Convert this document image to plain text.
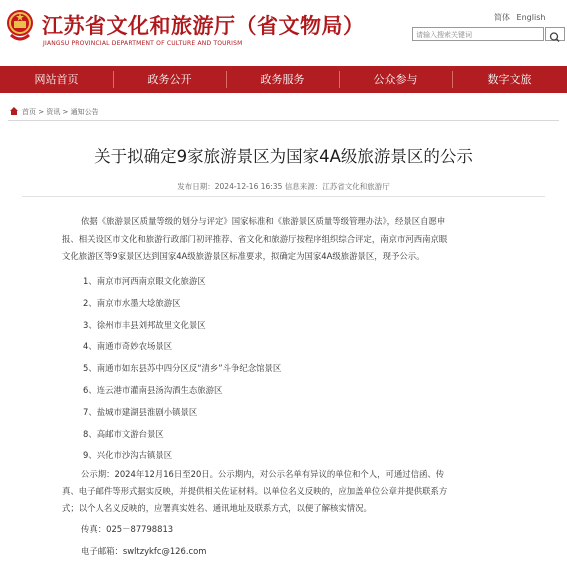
江苏省文化和旅游厅（省文物局）
JIANGSU PROVINCIAL DEPARTMENT OF CULTURE AND TOURISM
简体 English
请输入搜索关键词
网站首页	政务公开	政务服务	公众参与	数字文旅
首页 > 资讯 > 通知公告
关于拟确定9家旅游景区为国家4A级旅游景区的公示
发布日期：2024-12-16 16:35 信息来源：江苏省文化和旅游厅
依据《旅游景区质量等级的划分与评定》国家标准和《旅游景区质量等级管理办法》，经景区自愿申
报、相关设区市文化和旅游行政部门初评推荐、省文化和旅游厅按程序组织综合评定，南京市河西南京眼
文化旅游区等9家景区达到国家4A级旅游景区标准要求，拟确定为国家4A级旅游景区，现予公示。
1、南京市河西南京眼文化旅游区
2、南京市水墨大埝旅游区
3、徐州市丰县刘邦故里文化景区
4、南通市奇妙农场景区
5、南通市如东县苏中四分区反“清乡”斗争纪念馆景区
6、连云港市灌南县汤沟酒生态旅游区
7、盐城市建湖县淮剧小镇景区
8、高邮市文游台景区
9、兴化市沙沟古镇景区
公示期：2024年12月16日至20日。公示期内，对公示名单有异议的单位和个人，可通过信函、传
真、电子邮件等形式据实反映，并提供相关佐证材料。以单位名义反映的，应加盖单位公章并提供联系方
式；以个人名义反映的，应署真实姓名、通讯地址及联系方式，以便了解核实情况。
传真：025－87798813
电子邮箱：swltzykfc@126.com
